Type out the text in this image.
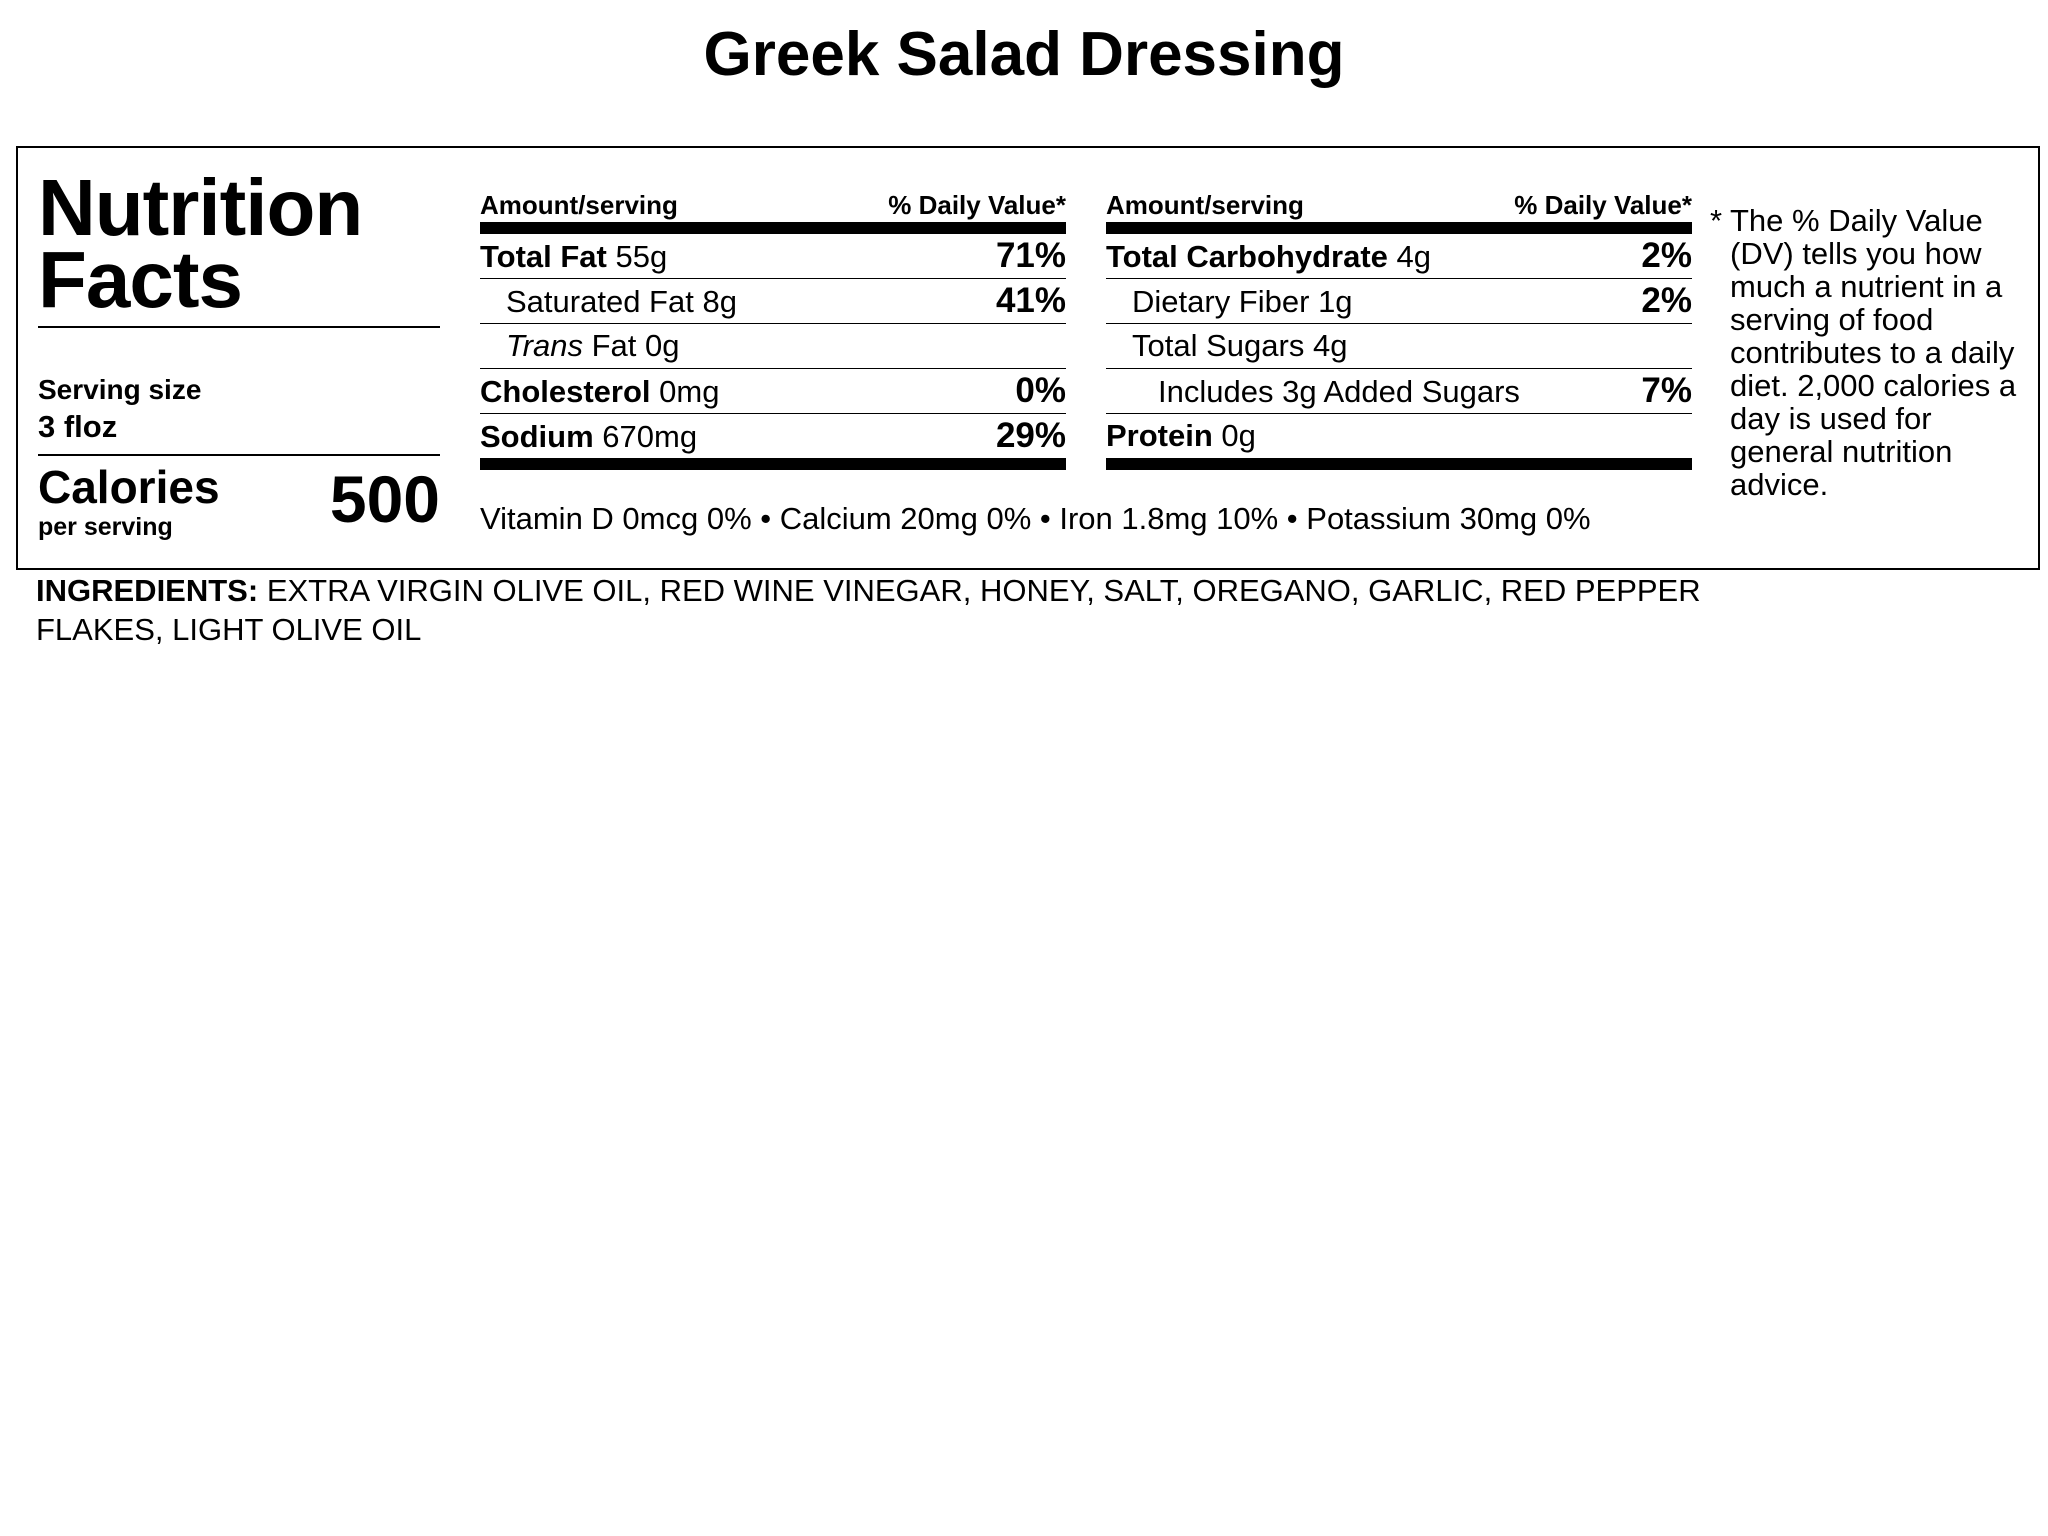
Greek Salad Dressing
Nutrition Facts
Serving size
3 floz
Calories
per serving	500
Amount/serving	% Daily Value*
Total Fat 55g	71%
Saturated Fat 8g	41%
Trans Fat 0g
Cholesterol 0mg	0%
Sodium 670mg	29%
Amount/serving	% Daily Value*
Total Carbohydrate 4g	2%
Dietary Fiber 1g	2%
Total Sugars 4g
Includes 3g Added Sugars	7%
Protein 0g
Vitamin D 0mcg 0% • Calcium 20mg 0% • Iron 1.8mg 10% • Potassium 30mg 0%
* The % Daily Value (DV) tells you how much a nutrient in a serving of food contributes to a daily diet. 2,000 calories a day is used for general nutrition advice.
INGREDIENTS: EXTRA VIRGIN OLIVE OIL, RED WINE VINEGAR, HONEY, SALT, OREGANO, GARLIC, RED PEPPER FLAKES, LIGHT OLIVE OIL
